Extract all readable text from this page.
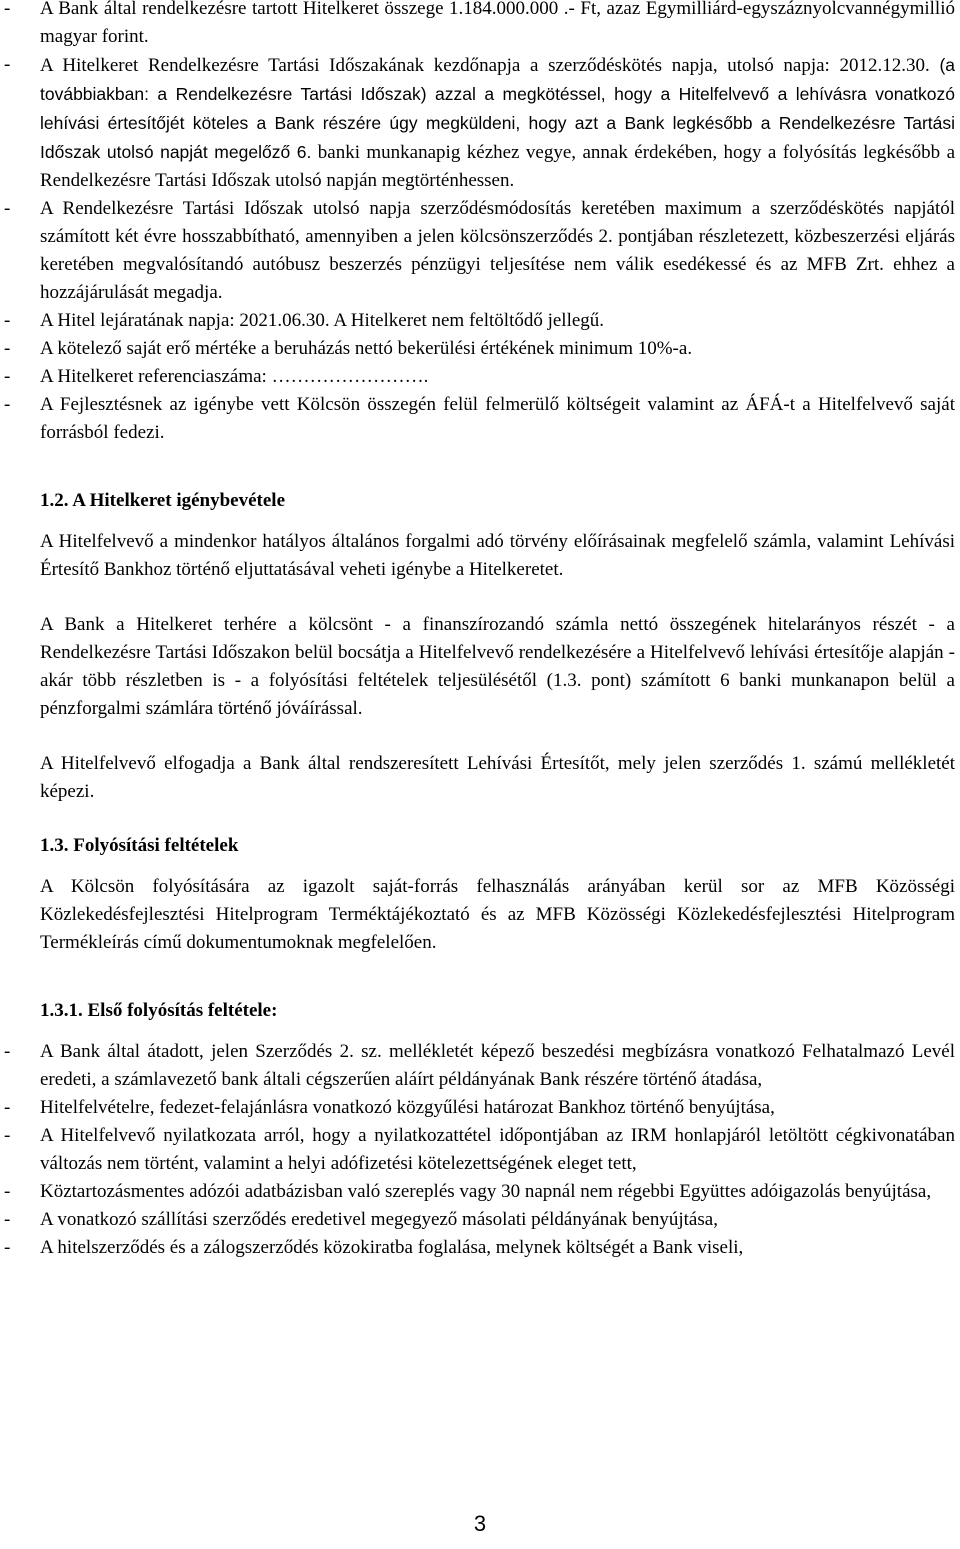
-	A Bank által rendelkezésre tartott Hitelkeret összege 1.184.000.000 .- Ft, azaz Egymilliárd-egyszáznyolcvannégymillió magyar forint.
-	A Hitelkeret Rendelkezésre Tartási Időszakának kezdőnapja a szerződéskötés napja, utolsó napja: 2012.12.30. (a továbbiakban: a Rendelkezésre Tartási Időszak) azzal a megkötéssel, hogy a Hitelfelvevő a lehívásra vonatkozó lehívási értesítőjét köteles a Bank részére úgy megküldeni, hogy azt a Bank legkésőbb a Rendelkezésre Tartási Időszak utolsó napját megelőző 6. banki munkanapig kézhez vegye, annak érdekében, hogy a folyósítás legkésőbb a Rendelkezésre Tartási Időszak utolsó napján megtörténhessen.
-	A Rendelkezésre Tartási Időszak utolsó napja szerződésmódosítás keretében maximum a szerződéskötés napjától számított két évre hosszabbítható, amennyiben a jelen kölcsönszerződés 2. pontjában részletezett, közbeszerzési eljárás keretében megvalósítandó autóbusz beszerzés pénzügyi teljesítése nem válik esedékessé és az MFB Zrt. ehhez a hozzájárulását megadja.
-	A Hitel lejáratának napja: 2021.06.30. A Hitelkeret nem feltöltődő jellegű.
-	A kötelező saját erő mértéke a beruházás nettó bekerülési értékének minimum 10%-a.
-	A Hitelkeret referenciaszáma: …………………….
-	A Fejlesztésnek az igénybe vett Kölcsön összegén felül felmerülő költségeit valamint az ÁFÁ-t a Hitelfelvevő saját forrásból fedezi.
1.2. A Hitelkeret igénybevétele
A Hitelfelvevő a mindenkor hatályos általános forgalmi adó törvény előírásainak megfelelő számla, valamint Lehívási Értesítő Bankhoz történő eljuttatásával veheti igénybe a Hitelkeretet.
A Bank a Hitelkeret terhére a kölcsönt - a finanszírozandó számla nettó összegének hitelarányos részét - a Rendelkezésre Tartási Időszakon belül bocsátja a Hitelfelvevő rendelkezésére a Hitelfelvevő lehívási értesítője alapján - akár több részletben is - a folyósítási feltételek teljesülésétől (1.3. pont) számított 6 banki munkanapon belül a pénzforgalmi számlára történő jóváírással.
A Hitelfelvevő elfogadja a Bank által rendszeresített Lehívási Értesítőt, mely jelen szerződés 1. számú mellékletét képezi.
1.3. Folyósítási feltételek
A Kölcsön folyósítására az igazolt saját-forrás felhasználás arányában kerül sor az MFB Közösségi Közlekedésfejlesztési Hitelprogram Terméktájékoztató és az MFB Közösségi Közlekedésfejlesztési Hitelprogram Termékleírás című dokumentumoknak megfelelően.
1.3.1. Első folyósítás feltétele:
-	A Bank által átadott, jelen Szerződés 2. sz. mellékletét képező beszedési megbízásra vonatkozó Felhatalmazó Levél eredeti, a számlavezető bank általi cégszerűen aláírt példányának Bank részére történő átadása,
-	Hitelfelvételre, fedezet-felajánlásra vonatkozó közgyűlési határozat Bankhoz történő benyújtása,
-	A Hitelfelvevő nyilatkozata arról, hogy a nyilatkozattétel időpontjában az IRM honlapjáról letöltött cégkivonatában változás nem történt, valamint a helyi adófizetési kötelezettségének eleget tett,
-	Köztartozásmentes adózói adatbázisban való szereplés vagy 30 napnál nem régebbi Együttes adóigazolás benyújtása,
-	A vonatkozó szállítási szerződés eredetivel megegyező másolati példányának benyújtása,
-	A hitelszerződés és a zálogszerződés közokiratba foglalása, melynek költségét a Bank viseli,
3
